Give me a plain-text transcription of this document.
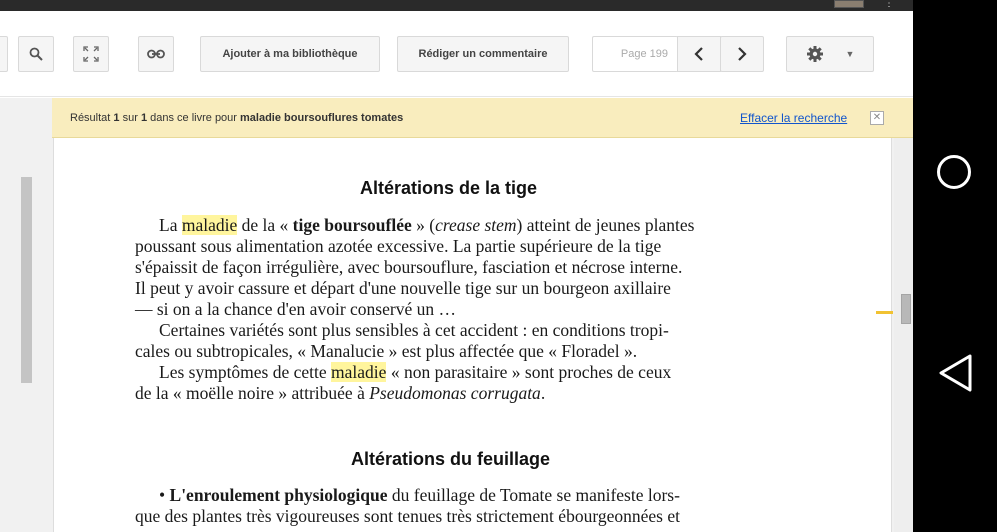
⋮
Ajouter à ma bibliothèque	Rédiger un commentaire	Page 199	▼
Résultat 1 sur 1 dans ce livre pour maladie boursouflures tomates	Effacer la recherche	✕
Altérations de la tige
La maladie de la « tige boursouflée » (crease stem) atteint de jeunes plantes
poussant sous alimentation azotée excessive. La partie supérieure de la tige
s'épaissit de façon irrégulière, avec boursouflure, fasciation et nécrose interne.
Il peut y avoir cassure et départ d'une nouvelle tige sur un bourgeon axillaire
— si on a la chance d'en avoir conservé un …
Certaines variétés sont plus sensibles à cet accident : en conditions tropi-
cales ou subtropicales, « Manalucie » est plus affectée que « Floradel ».
Les symptômes de cette maladie « non parasitaire » sont proches de ceux
de la « moëlle noire » attribuée à Pseudomonas corrugata.
Altérations du feuillage
• L'enroulement physiologique du feuillage de Tomate se manifeste lors-
que des plantes très vigoureuses sont tenues très strictement ébourgeonnées et
